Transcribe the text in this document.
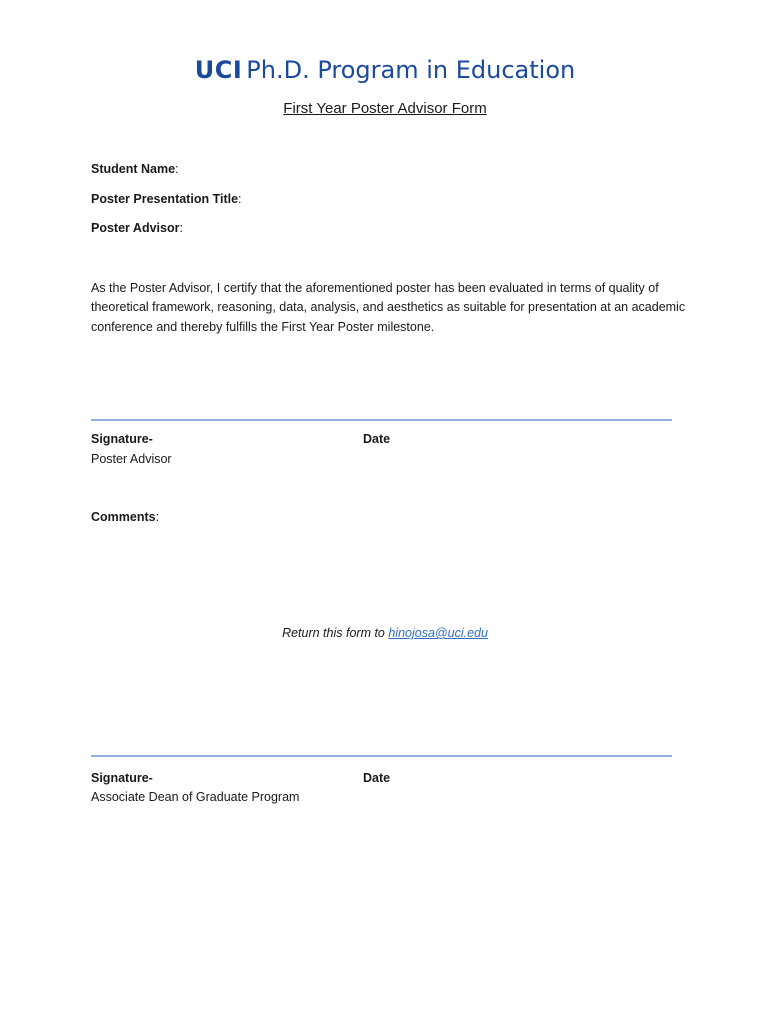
UCI Ph.D. Program in Education
First Year Poster Advisor Form
Student Name:
Poster Presentation Title:
Poster Advisor:
As the Poster Advisor, I certify that the aforementioned poster has been evaluated in terms of quality of theoretical framework, reasoning, data, analysis, and aesthetics as suitable for presentation at an academic conference and thereby fulfills the First Year Poster milestone.
Signature-	Date
Poster Advisor
Comments:
Return this form to hinojosa@uci.edu
Signature-	Date
Associate Dean of Graduate Program
